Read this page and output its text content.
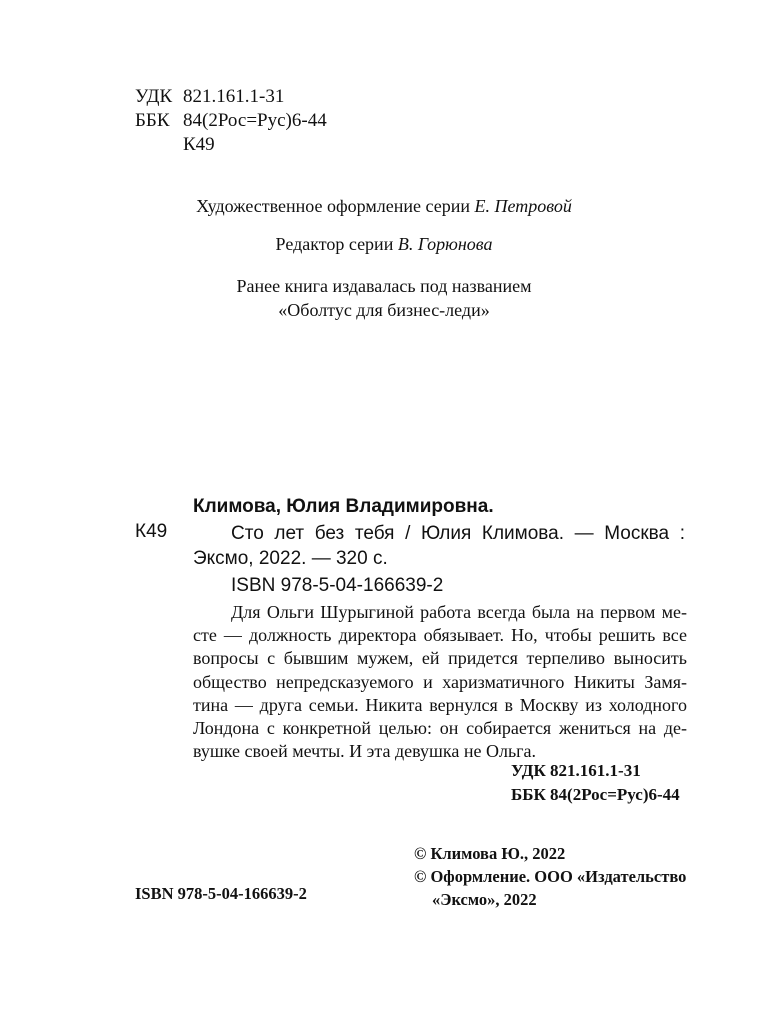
УДК 821.161.1-31
ББК 84(2Рос=Рус)6-44
К49
Художественное оформление серии Е. Петровой
Редактор серии В. Горюнова
Ранее книга издавалась под названием
«Оболтус для бизнес-леди»
Климова, Юлия Владимировна.
К49	Сто лет без тебя / Юлия Климова. — Москва :
Эксмо, 2022. — 320 с.
ISBN 978-5-04-166639-2
Для Ольги Шурыгиной работа всегда была на первом ме-
сте — должность директора обязывает. Но, чтобы решить все
вопросы с бывшим мужем, ей придется терпеливо выносить
общество непредсказуемого и харизматичного Никиты Замя-
тина — друга семьи. Никита вернулся в Москву из холодного
Лондона с конкретной целью: он собирается жениться на де-
вушке своей мечты. И эта девушка не Ольга.
УДК 821.161.1-31
ББК 84(2Рос=Рус)6-44
© Климова Ю., 2022
© Оформление. ООО «Издательство
«Эксмо», 2022
ISBN 978-5-04-166639-2
